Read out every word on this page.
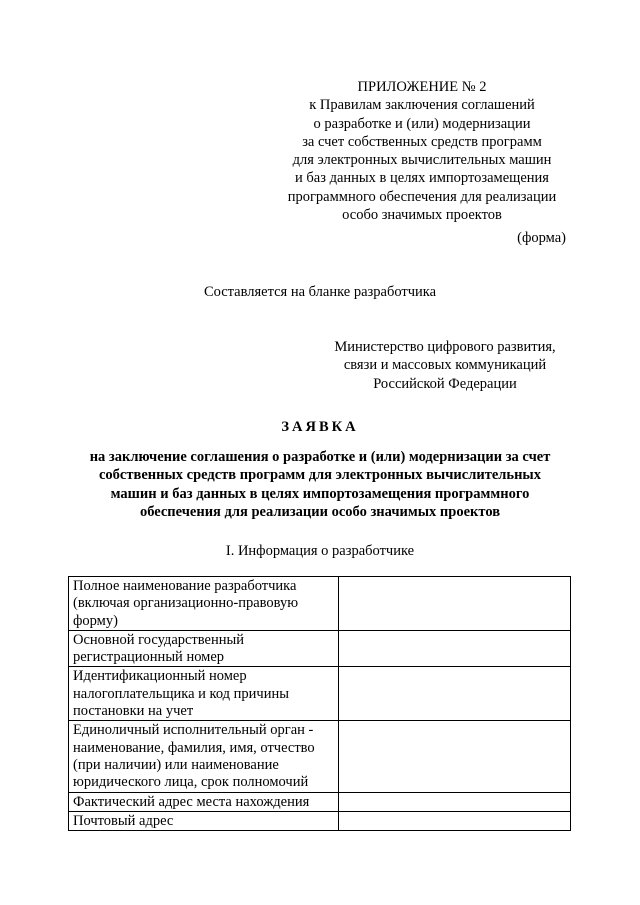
ПРИЛОЖЕНИЕ № 2
к Правилам заключения соглашений
о разработке и (или) модернизации
за счет собственных средств программ
для электронных вычислительных машин
и баз данных в целях импортозамещения
программного обеспечения для реализации
особо значимых проектов
(форма)
Составляется на бланке разработчика
Министерство цифрового развития,
связи и массовых коммуникаций
Российской Федерации
ЗАЯВКА
на заключение соглашения о разработке и (или) модернизации за счет
собственных средств программ для электронных вычислительных
машин и баз данных в целях импортозамещения программного
обеспечения для реализации особо значимых проектов
I. Информация о разработчике
Полное наименование разработчика
(включая организационно-правовую
форму)	

Основной государственный
регистрационный номер	

Идентификационный номер
налогоплательщика и код причины
постановки на учет	

Единоличный исполнительный орган -
наименование, фамилия, имя, отчество
(при наличии) или наименование
юридического лица, срок полномочий	

Фактический адрес места нахождения	

Почтовый адрес	
